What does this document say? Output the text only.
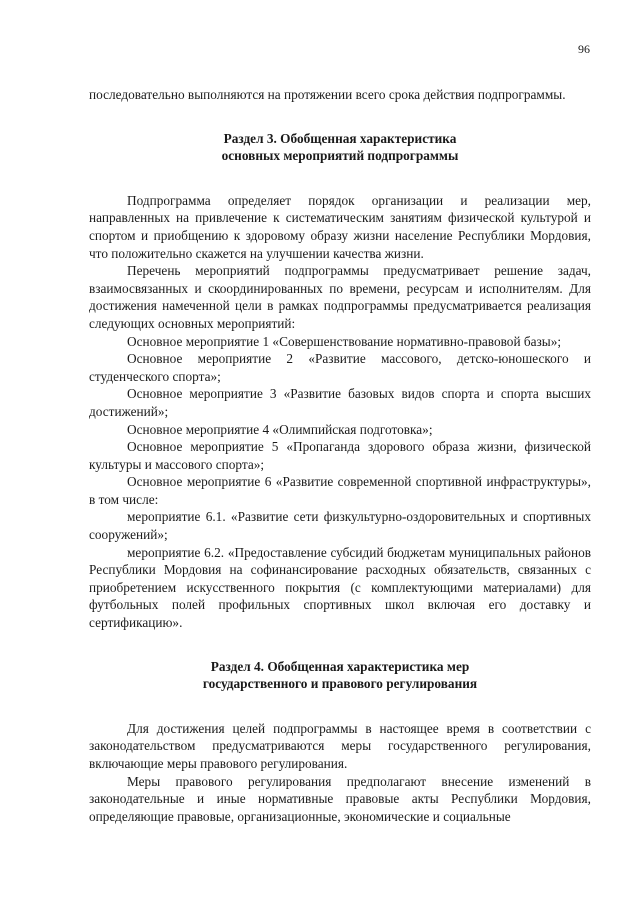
96

последовательно выполняются на протяжении всего срока действия подпрограммы.

Раздел 3. Обобщенная характеристика
основных мероприятий подпрограммы

Подпрограмма определяет порядок организации и реализации мер, направленных на привлечение к систематическим занятиям физической культурой и спортом и приобщению к здоровому образу жизни население Республики Мордовия, что положительно скажется на улучшении качества жизни.

Перечень мероприятий подпрограммы предусматривает решение задач, взаимосвязанных и скоординированных по времени, ресурсам и исполнителям. Для достижения намеченной цели в рамках подпрограммы предусматривается реализация следующих основных мероприятий:

Основное мероприятие 1 «Совершенствование нормативно-правовой базы»;

Основное мероприятие 2 «Развитие массового, детско-юношеского и студенческого спорта»;

Основное мероприятие 3 «Развитие базовых видов спорта и спорта высших достижений»;

Основное мероприятие 4 «Олимпийская подготовка»;

Основное мероприятие 5 «Пропаганда здорового образа жизни, физической культуры и массового спорта»;

Основное мероприятие 6 «Развитие современной спортивной инфраструктуры», в том числе:

мероприятие 6.1. «Развитие сети физкультурно-оздоровительных и спортивных сооружений»;

мероприятие 6.2. «Предоставление субсидий бюджетам муниципальных районов Республики Мордовия на софинансирование расходных обязательств, связанных с приобретением искусственного покрытия (с комплектующими материалами) для футбольных полей профильных спортивных школ включая его доставку и сертификацию».

Раздел 4. Обобщенная характеристика мер
государственного и правового регулирования

Для достижения целей подпрограммы в настоящее время в соответствии с законодательством предусматриваются меры государственного регулирования, включающие меры правового регулирования.

Меры правового регулирования предполагают внесение изменений в законодательные и иные нормативные правовые акты Республики Мордовия, определяющие правовые, организационные, экономические и социальные
